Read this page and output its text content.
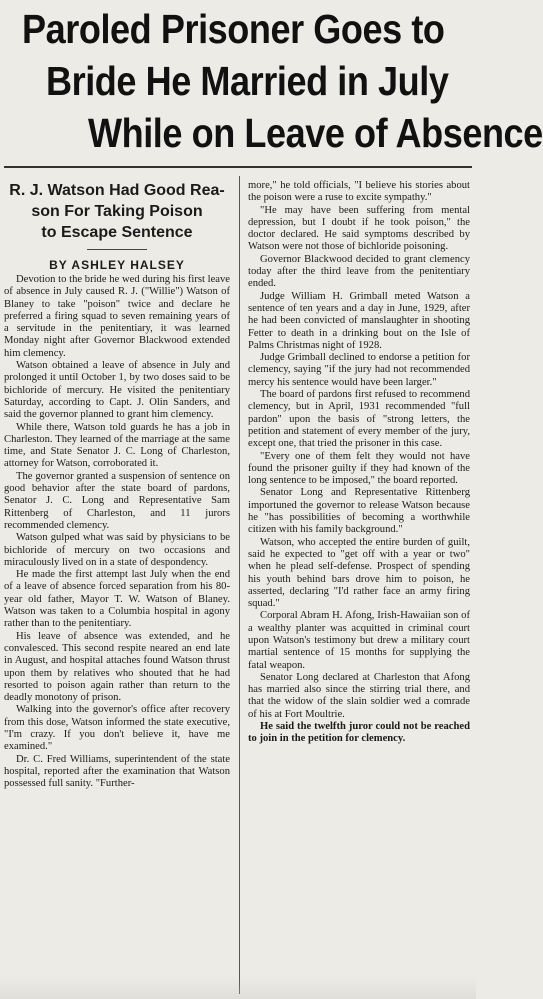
Paroled Prisoner Goes to
Bride He Married in July
While on Leave of Absence
R. J. Watson Had Good Rea-
son For Taking Poison
to Escape Sentence
BY ASHLEY HALSEY

Devotion to the bride he wed during his first leave of absence in July caused R. J. ("Willie") Watson of Blaney to take "poison" twice and declare he preferred a firing squad to seven remaining years of a servitude in the penitentiary, it was learned Monday night after Governor Blackwood extended him clemency.

Watson obtained a leave of absence in July and prolonged it until October 1, by two doses said to be bichloride of mercury. He visited the penitentiary Saturday, according to Capt. J. Olin Sanders, and said the governor planned to grant him clemency.

While there, Watson told guards he has a job in Charleston. They learned of the marriage at the same time, and State Senator J. C. Long of Charleston, attorney for Watson, corroborated it.

The governor granted a suspension of sentence on good behavior after the state board of pardons, Senator J. C. Long and Representative Sam Rittenberg of Charleston, and 11 jurors recommended clemency.

Watson gulped what was said by physicians to be bichloride of mercury on two occasions and miraculously lived on in a state of despondency.

He made the first attempt last July when the end of a leave of absence forced separation from his 80-year old father, Mayor T. W. Watson of Blaney. Watson was taken to a Columbia hospital in agony rather than to the penitentiary.

His leave of absence was extended, and he convalesced. This second respite neared an end late in August, and hospital attaches found Watson thrust upon them by relatives who shouted that he had resorted to poison again rather than return to the deadly monotony of prison.

Walking into the governor's office after recovery from this dose, Watson informed the state executive, "I'm crazy. If you don't believe it, have me examined."

Dr. C. Fred Williams, superintendent of the state hospital, reported after the examination that Watson possessed full sanity. "Further-

more," he told officials, "I believe his stories about the poison were a ruse to excite sympathy."

"He may have been suffering from mental depression, but I doubt if he took poison," the doctor declared. He said symptoms described by Watson were not those of bichloride poisoning.

Governor Blackwood decided to grant clemency today after the third leave from the penitentiary ended.

Judge William H. Grimball meted Watson a sentence of ten years and a day in June, 1929, after he had been convicted of manslaughter in shooting Fetter to death in a drinking bout on the Isle of Palms Christmas night of 1928.

Judge Grimball declined to endorse a petition for clemency, saying "if the jury had not recommended mercy his sentence would have been larger."

The board of pardons first refused to recommend clemency, but in April, 1931 recommended "full pardon" upon the basis of "strong letters, the petition and statement of every member of the jury, except one, that tried the prisoner in this case.

"Every one of them felt they would not have found the prisoner guilty if they had known of the long sentence to be imposed," the board reported.

Senator Long and Representative Rittenberg importuned the governor to release Watson because he "has possibilities of becoming a worthwhile citizen with his family background."

Watson, who accepted the entire burden of guilt, said he expected to "get off with a year or two" when he plead self-defense. Prospect of spending his youth behind bars drove him to poison, he asserted, declaring "I'd rather face an army firing squad."

Corporal Abram H. Afong, Irish-Hawaiian son of a wealthy planter was acquitted in criminal court upon Watson's testimony but drew a military court martial sentence of 15 months for supplying the fatal weapon.

Senator Long declared at Charleston that Afong has married also since the stirring trial there, and that the widow of the slain soldier wed a comrade of his at Fort Moultrie.

He said the twelfth juror could not be reached to join in the petition for clemency.
